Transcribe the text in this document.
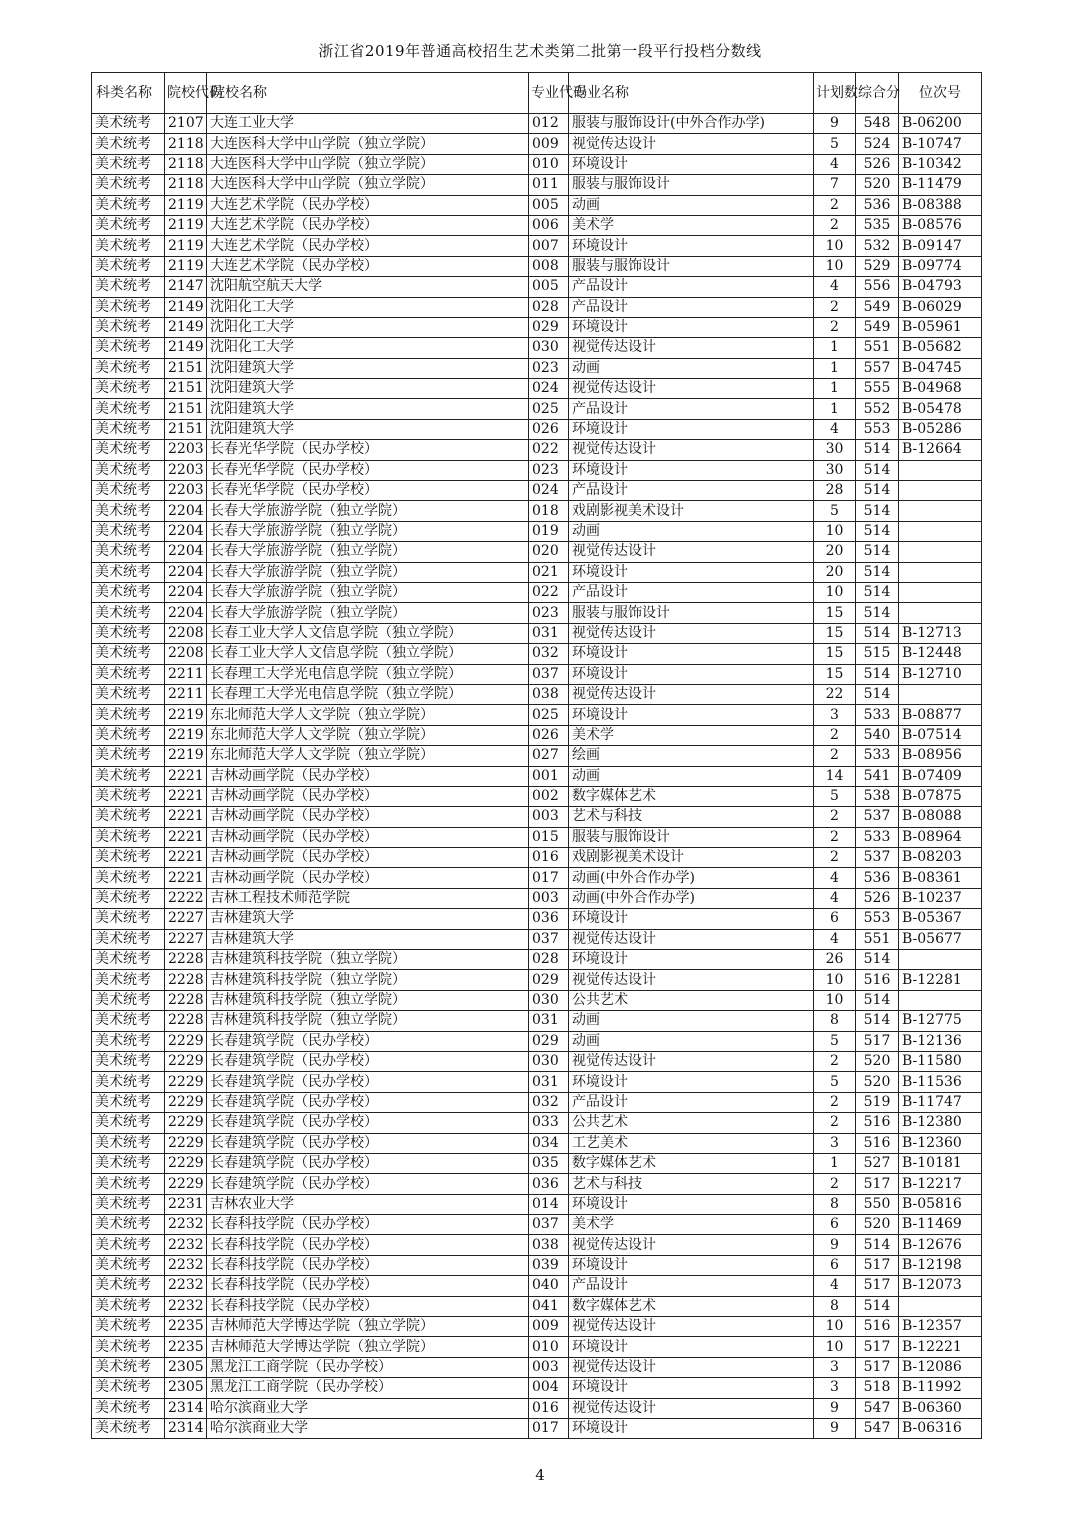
浙江省2019年普通高校招生艺术类第二批第一段平行投档分数线
科类名称	院校代码	院校名称	专业代码	专业名称	计划数	综合分	位次号
美术统考	2107	大连工业大学	012	服装与服饰设计(中外合作办学)	9	548	B-06200
美术统考	2118	大连医科大学中山学院（独立学院）	009	视觉传达设计	5	524	B-10747
美术统考	2118	大连医科大学中山学院（独立学院）	010	环境设计	4	526	B-10342
美术统考	2118	大连医科大学中山学院（独立学院）	011	服装与服饰设计	7	520	B-11479
美术统考	2119	大连艺术学院（民办学校）	005	动画	2	536	B-08388
美术统考	2119	大连艺术学院（民办学校）	006	美术学	2	535	B-08576
美术统考	2119	大连艺术学院（民办学校）	007	环境设计	10	532	B-09147
美术统考	2119	大连艺术学院（民办学校）	008	服装与服饰设计	10	529	B-09774
美术统考	2147	沈阳航空航天大学	005	产品设计	4	556	B-04793
美术统考	2149	沈阳化工大学	028	产品设计	2	549	B-06029
美术统考	2149	沈阳化工大学	029	环境设计	2	549	B-05961
美术统考	2149	沈阳化工大学	030	视觉传达设计	1	551	B-05682
美术统考	2151	沈阳建筑大学	023	动画	1	557	B-04745
美术统考	2151	沈阳建筑大学	024	视觉传达设计	1	555	B-04968
美术统考	2151	沈阳建筑大学	025	产品设计	1	552	B-05478
美术统考	2151	沈阳建筑大学	026	环境设计	4	553	B-05286
美术统考	2203	长春光华学院（民办学校）	022	视觉传达设计	30	514	B-12664
美术统考	2203	长春光华学院（民办学校）	023	环境设计	30	514	
美术统考	2203	长春光华学院（民办学校）	024	产品设计	28	514	
美术统考	2204	长春大学旅游学院（独立学院）	018	戏剧影视美术设计	5	514	
美术统考	2204	长春大学旅游学院（独立学院）	019	动画	10	514	
美术统考	2204	长春大学旅游学院（独立学院）	020	视觉传达设计	20	514	
美术统考	2204	长春大学旅游学院（独立学院）	021	环境设计	20	514	
美术统考	2204	长春大学旅游学院（独立学院）	022	产品设计	10	514	
美术统考	2204	长春大学旅游学院（独立学院）	023	服装与服饰设计	15	514	
美术统考	2208	长春工业大学人文信息学院（独立学院）	031	视觉传达设计	15	514	B-12713
美术统考	2208	长春工业大学人文信息学院（独立学院）	032	环境设计	15	515	B-12448
美术统考	2211	长春理工大学光电信息学院（独立学院）	037	环境设计	15	514	B-12710
美术统考	2211	长春理工大学光电信息学院（独立学院）	038	视觉传达设计	22	514	
美术统考	2219	东北师范大学人文学院（独立学院）	025	环境设计	3	533	B-08877
美术统考	2219	东北师范大学人文学院（独立学院）	026	美术学	2	540	B-07514
美术统考	2219	东北师范大学人文学院（独立学院）	027	绘画	2	533	B-08956
美术统考	2221	吉林动画学院（民办学校）	001	动画	14	541	B-07409
美术统考	2221	吉林动画学院（民办学校）	002	数字媒体艺术	5	538	B-07875
美术统考	2221	吉林动画学院（民办学校）	003	艺术与科技	2	537	B-08088
美术统考	2221	吉林动画学院（民办学校）	015	服装与服饰设计	2	533	B-08964
美术统考	2221	吉林动画学院（民办学校）	016	戏剧影视美术设计	2	537	B-08203
美术统考	2221	吉林动画学院（民办学校）	017	动画(中外合作办学)	4	536	B-08361
美术统考	2222	吉林工程技术师范学院	003	动画(中外合作办学)	4	526	B-10237
美术统考	2227	吉林建筑大学	036	环境设计	6	553	B-05367
美术统考	2227	吉林建筑大学	037	视觉传达设计	4	551	B-05677
美术统考	2228	吉林建筑科技学院（独立学院）	028	环境设计	26	514	
美术统考	2228	吉林建筑科技学院（独立学院）	029	视觉传达设计	10	516	B-12281
美术统考	2228	吉林建筑科技学院（独立学院）	030	公共艺术	10	514	
美术统考	2228	吉林建筑科技学院（独立学院）	031	动画	8	514	B-12775
美术统考	2229	长春建筑学院（民办学校）	029	动画	5	517	B-12136
美术统考	2229	长春建筑学院（民办学校）	030	视觉传达设计	2	520	B-11580
美术统考	2229	长春建筑学院（民办学校）	031	环境设计	5	520	B-11536
美术统考	2229	长春建筑学院（民办学校）	032	产品设计	2	519	B-11747
美术统考	2229	长春建筑学院（民办学校）	033	公共艺术	2	516	B-12380
美术统考	2229	长春建筑学院（民办学校）	034	工艺美术	3	516	B-12360
美术统考	2229	长春建筑学院（民办学校）	035	数字媒体艺术	1	527	B-10181
美术统考	2229	长春建筑学院（民办学校）	036	艺术与科技	2	517	B-12217
美术统考	2231	吉林农业大学	014	环境设计	8	550	B-05816
美术统考	2232	长春科技学院（民办学校）	037	美术学	6	520	B-11469
美术统考	2232	长春科技学院（民办学校）	038	视觉传达设计	9	514	B-12676
美术统考	2232	长春科技学院（民办学校）	039	环境设计	6	517	B-12198
美术统考	2232	长春科技学院（民办学校）	040	产品设计	4	517	B-12073
美术统考	2232	长春科技学院（民办学校）	041	数字媒体艺术	8	514	
美术统考	2235	吉林师范大学博达学院（独立学院）	009	视觉传达设计	10	516	B-12357
美术统考	2235	吉林师范大学博达学院（独立学院）	010	环境设计	10	517	B-12221
美术统考	2305	黑龙江工商学院（民办学校）	003	视觉传达设计	3	517	B-12086
美术统考	2305	黑龙江工商学院（民办学校）	004	环境设计	3	518	B-11992
美术统考	2314	哈尔滨商业大学	016	视觉传达设计	9	547	B-06360
美术统考	2314	哈尔滨商业大学	017	环境设计	9	547	B-06316
4
